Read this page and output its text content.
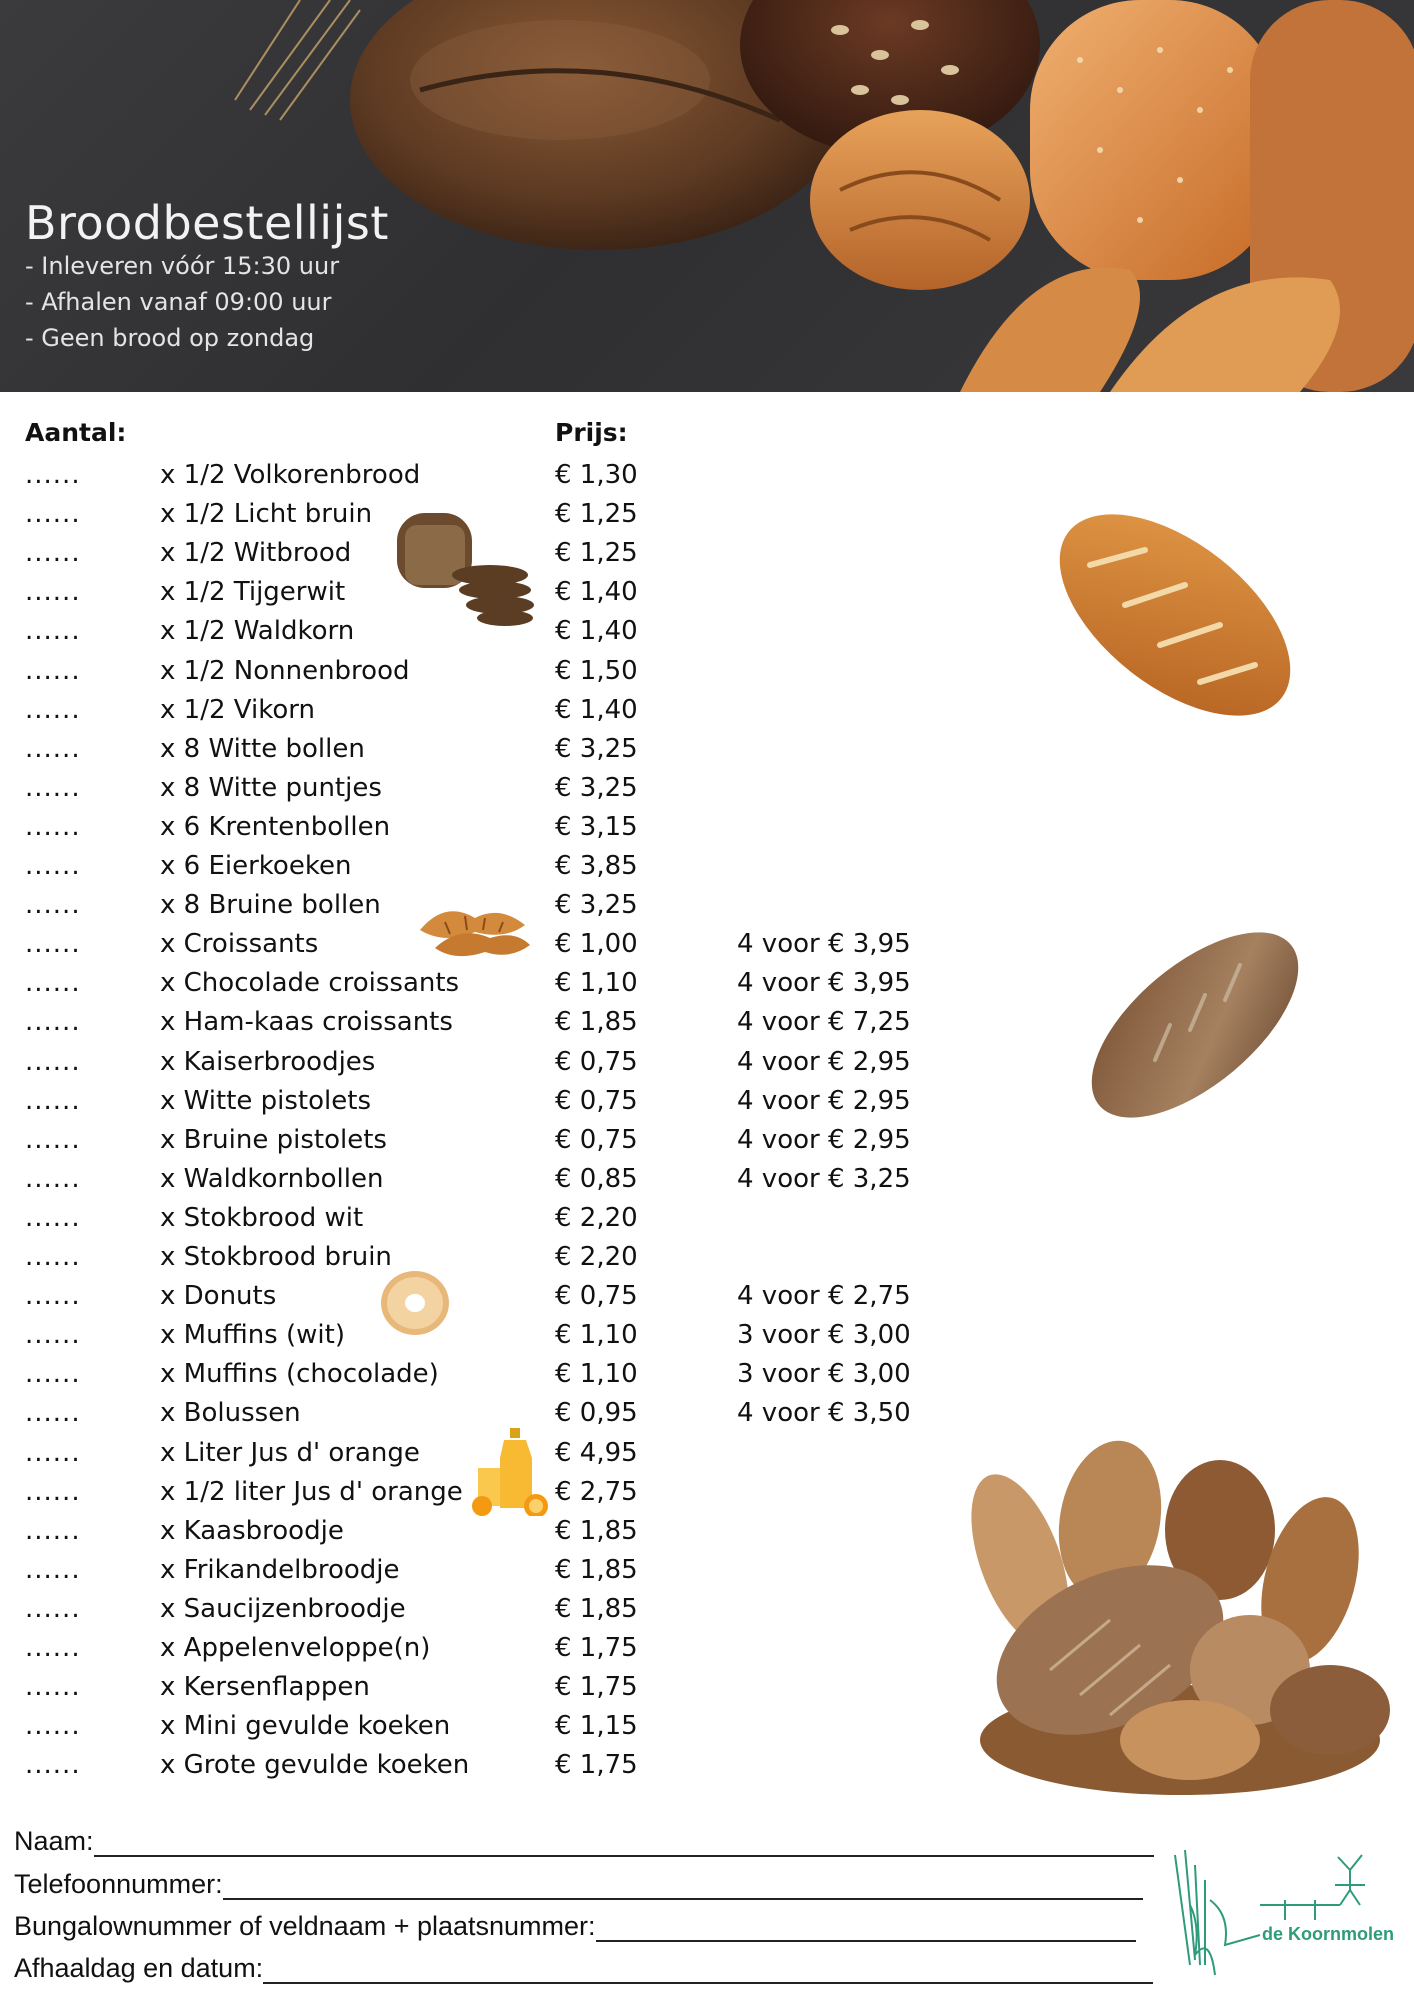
Broodbestellijst
- Inleveren vóór 15:30 uur
- Afhalen vanaf 09:00 uur
- Geen brood op zondag
Aantal:	Prijs:
......	x 1/2 Volkorenbrood	€ 1,30
......	x 1/2 Licht bruin	€ 1,25
......	x 1/2 Witbrood	€ 1,25
......	x 1/2 Tijgerwit	€ 1,40
......	x 1/2 Waldkorn	€ 1,40
......	x 1/2 Nonnenbrood	€ 1,50
......	x 1/2 Vikorn	€ 1,40
......	x 8 Witte bollen	€ 3,25
......	x 8 Witte puntjes	€ 3,25
......	x 6 Krentenbollen	€ 3,15
......	x 6 Eierkoeken	€ 3,85
......	x 8 Bruine bollen	€ 3,25
......	x Croissants	€ 1,00	4 voor € 3,95
......	x Chocolade croissants	€ 1,10	4 voor € 3,95
......	x Ham-kaas croissants	€ 1,85	4 voor € 7,25
......	x Kaiserbroodjes	€ 0,75	4 voor € 2,95
......	x Witte pistolets	€ 0,75	4 voor € 2,95
......	x Bruine pistolets	€ 0,75	4 voor € 2,95
......	x Waldkornbollen	€ 0,85	4 voor € 3,25
......	x Stokbrood wit	€ 2,20
......	x Stokbrood bruin	€ 2,20
......	x Donuts	€ 0,75	4 voor € 2,75
......	x Muffins (wit)	€ 1,10	3 voor € 3,00
......	x Muffins (chocolade)	€ 1,10	3 voor € 3,00
......	x Bolussen	€ 0,95	4 voor € 3,50
......	x Liter Jus d' orange	€ 4,95
......	x 1/2 liter Jus d' orange	€ 2,75
......	x Kaasbroodje	€ 1,85
......	x Frikandelbroodje	€ 1,85
......	x Saucijzenbroodje	€ 1,85
......	x Appelenveloppe(n)	€ 1,75
......	x Kersenflappen	€ 1,75
......	x Mini gevulde koeken	€ 1,15
......	x Grote gevulde koeken	€ 1,75
Naam:
Telefoonnummer:
Bungalownummer of veldnaam + plaatsnummer:
Afhaaldag en datum:
de Koornmolen
